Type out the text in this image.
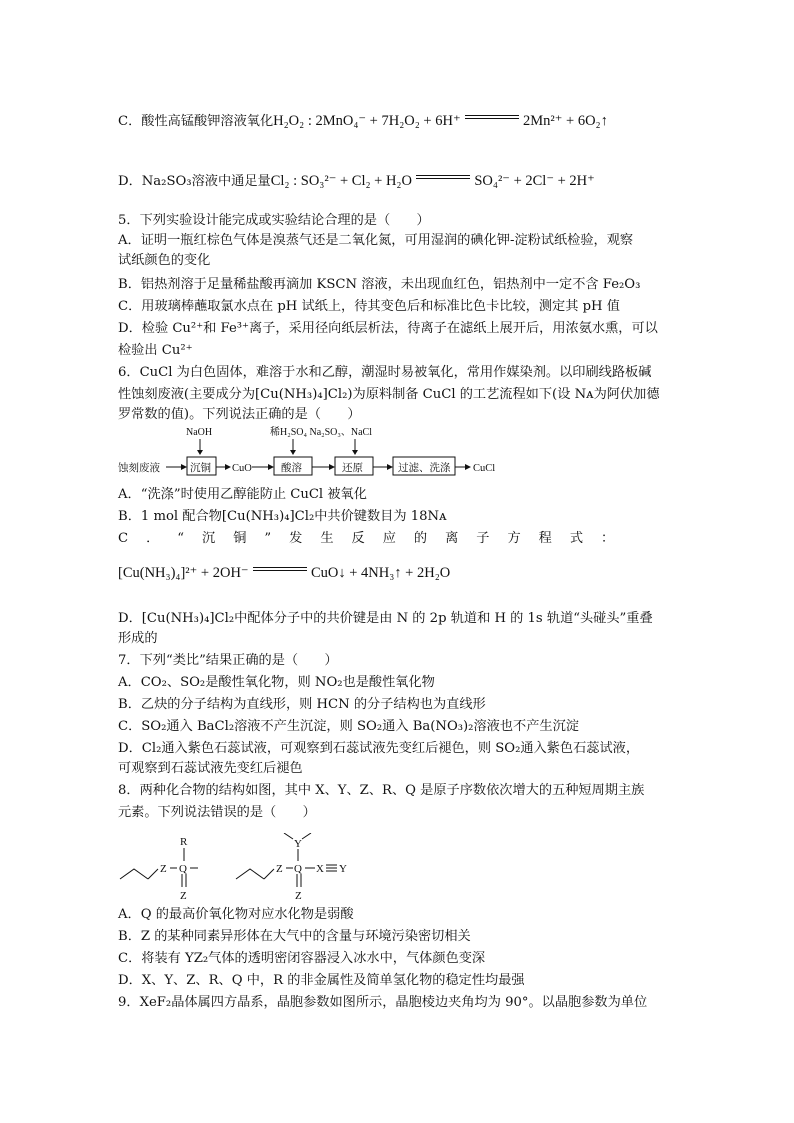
C．酸性高锰酸钾溶液氧化H₂O₂ : 2MnO₄⁻ + 7H₂O₂ + 6H⁺	2Mn²⁺ + 6O₂↑
D．Na₂SO₃溶液中通足量Cl₂ : SO₃²⁻ + Cl₂ + H₂O	SO₄²⁻ + 2Cl⁻ + 2H⁺
5．下列实验设计能完成或实验结论合理的是（　　）
A．证明一瓶红棕色气体是溴蒸气还是二氧化氮，可用湿润的碘化钾-淀粉试纸检验，观察
试纸颜色的变化
B．铝热剂溶于足量稀盐酸再滴加 KSCN 溶液，未出现血红色，铝热剂中一定不含 Fe₂O₃
C．用玻璃棒蘸取氯水点在 pH 试纸上，待其变色后和标准比色卡比较，测定其 pH 值
D．检验 Cu²⁺和 Fe³⁺离子，采用径向纸层析法，待离子在滤纸上展开后，用浓氨水熏，可以
检验出 Cu²⁺
6．CuCl 为白色固体，难溶于水和乙醇，潮湿时易被氧化，常用作媒染剂。以印刷线路板碱
性蚀刻废液(主要成分为[Cu(NH₃)₄]Cl₂)为原料制备 CuCl 的工艺流程如下(设 Nᴀ为阿伏加德
罗常数的值)。下列说法正确的是（　　）
NaOH	稀H₂SO₄ Na₂SO₃、NaCl
蚀刻废液	沉铜 CuO	酸溶	还原	过滤、洗涤 CuCl
A．“洗涤”时使用乙醇能防止 CuCl 被氧化
B．1 mol 配合物[Cu(NH₃)₄]Cl₂中共价键数目为 18Nᴀ
C．“沉铜”发生反应的离子方程式：
[Cu(NH₃)₄]²⁺ + 2OH⁻	CuO↓ + 4NH₃↑ + 2H₂O
D．[Cu(NH₃)₄]Cl₂中配体分子中的共价键是由 N 的 2p 轨道和 H 的 1s 轨道“头碰头”重叠
形成的
7．下列“类比”结果正确的是（　　）
A．CO₂、SO₂是酸性氧化物，则 NO₂也是酸性氧化物
B．乙炔的分子结构为直线形，则 HCN 的分子结构也为直线形
C．SO₂通入 BaCl₂溶液不产生沉淀，则 SO₂通入 Ba(NO₃)₂溶液也不产生沉淀
D．Cl₂通入紫色石蕊试液，可观察到石蕊试液先变红后褪色，则 SO₂通入紫色石蕊试液，
可观察到石蕊试液先变红后褪色
8．两种化合物的结构如图，其中 X、Y、Z、R、Q 是原子序数依次增大的五种短周期主族
元素。下列说法错误的是（　　）
R
Z Q
Z
Y
Z Q X Y
Z
A．Q 的最高价氧化物对应水化物是弱酸
B．Z 的某种同素异形体在大气中的含量与环境污染密切相关
C．将装有 YZ₂气体的透明密闭容器浸入冰水中，气体颜色变深
D．X、Y、Z、R、Q 中，R 的非金属性及简单氢化物的稳定性均最强
9．XeF₂晶体属四方晶系，晶胞参数如图所示，晶胞棱边夹角均为 90°。以晶胞参数为单位
